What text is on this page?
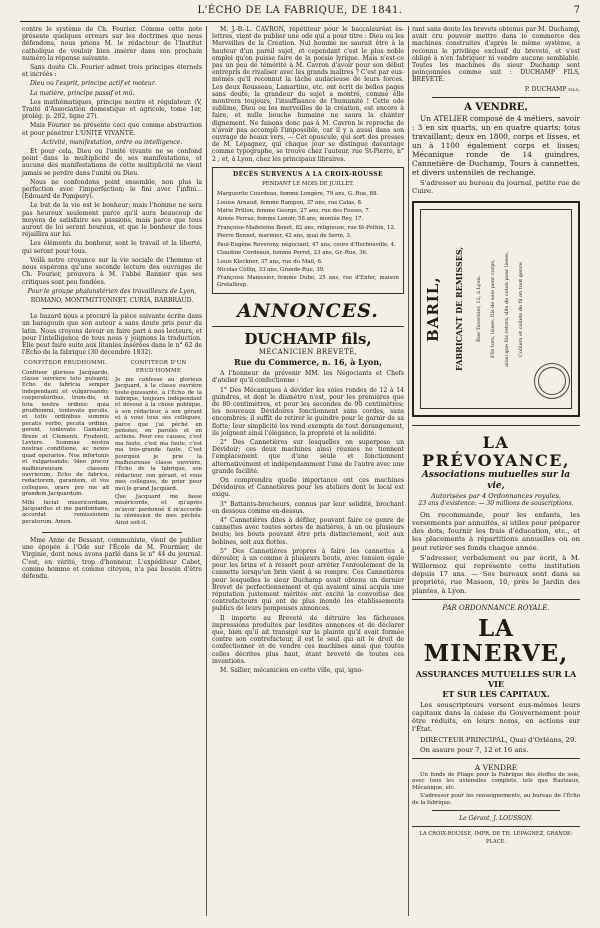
L'ÉCHO DE LA FABRIQUE, DE 1841.	7

contre le système de Ch. Fourier. Comme cette note présente quelques erreurs sur les doctrines que nous défendons, nous prions M. le rédacteur de l'Institut catholique de vouloir bien insérer dans son prochain numéro la réponse suivante.

Sans doute Ch. Fourier admet trois principes éternels et incréés :

Dieu ou l'esprit, principe actif et moteur.

La matière, principe passif et mû.

Les mathématiques, principe neutre et régulateur. (V, Traité d'Association domestique et agricole, tome 1er, prolég. p. 202, ligne 27).

Mais Fourier ne présente ceci que comme abstraction et pour pénétrer L'UNITÉ VIVANTE.

Activité, manifestation, ordre ou intelligence.

Et pour cela, Dieu ou l'unité vivante ne se confond point dans la multiplicité de ses manifestations, et aucune des manifestations de cette multiplicité ne vient jamais se perdre dans l'unité ou Dieu.

Nous ne confondons point ensemble, non plus la perfection avec l'imperfection; le fini avec l'infini... (Edouard de Pompery).

Le but de la vie est le bonheur; mais l'homme ne sera pas heureux seulement parce qu'il aura beaucoup de moyens de satisfaire ses passions, mais parce que tous auront de loi seront heureux, et que le bonheur de tous réjaillira sur lui.

Les éléments du bonheur, sont le travail et la liberté, qui seront pour tous.

Voilà notre croyance sur la vie sociale de l'homme et nous espérons qu'une seconde lecture des ouvrages de Ch. Fourier, prouvera à M. l'abbé Bannier que ses critiques sont peu fondées.

Pour le groupe phalanstérien des travailleurs de Lyon,

ROMANO, MONTMITTONNET, CURIA, BARBRAUD.

Le bazard nous a procuré la pièce suivante écrite dans un baragouin que son auteur a sans doute pris pour du latin. Nous croyons devoir en faire part à nos lecteurs, et pour l'intelligence de tous nous y joignons la traduction. Elle peut faire suite aux litanies insérées dans le n° 62 de l'Écho de la fabrique (30 décembre 1832).

CONFITEOR PRUDHOMMI.

Confiteor gloriose Jacquardo, classe ouvriere toto pulsanti; Echo de fabricia semper independanti et vulgarisando; cooperatoribus, trum-dis, et tota nostra ordinis: quia prudhommi, tonlevato gerulis, et totis ordinibus summis pecatis verbo, pecata ordinis, gerent, tonlevato Gamatur, Breze et Clementi, Frudenti, Leviere. Summae nostra nostrae conditione, ac nexos quad operarios. Nos infortunis et vulgarisando. Ideo precor malheureusum classem ouvrierum, Echo de fabrica, redactorem, garantem, et vos collegues, orare pro me ad grandem Jacquardum.

Mihi faciat misericordiam, Jacquardus et me pardonnans, accordat remissionem pecatorum. Amen.

CONFITEOR D'UN PRUD'HOMME

Je me confesse au glorieux Jacquard, à la classe ouvrière toute-puissante, à l'Écho de la fabrique, toujours indépendant et dévoué à la chose publique, à son rédacteur, à son gérant et à vous tous ses collègues, parce que j'ai péché en pensées, en paroles et en actions. Pour ces causes, c'est ma faute, c'est ma faute, c'est ma très-grande faute. C'est pourquoi je prie la malheureuse classe ouvrière, l'Écho de la fabrique, son rédacteur, son gérant, et vous mes collègues, de prier pour moi le grand Jacquard.

Que Jacquard me fasse miséricorde, et qu'après m'avoir pardonné il m'accorde la rémission de mes péchés. Ainsi soit-il.

Mme Anne de Bessant, communiste, vient de publier une épopée à l'Ode sur l'École de M. Fourmier, de Virginie, dont nous avons parlé dans le n° 44 du journal. C'est, en vérité, trop d'honneur. L'expéditeur Cabet, comme homme et comme citoyen, n'a pas besoin d'être défendu.

M. J.-B.-L. CAVRON, répétiteur pour le baccalauréat ès-lettres, vient de publier une ode qui a pour titre : Dieu ou les Merveilles de la Création. Nul homme ne saurait être à la hauteur d'un pareil sujet, et cependant c'est le plus noble emploi qu'on puisse faire de la poésie lyrique. Mais n'est-ce pas un peu de témérité à M. Cavron d'avoir pour son début entrepris de rivaliser avec les grands maîtres ? C'est par eux-mêmes qu'il reconnut la tâche audacieuse de leurs forces. Les deux Rousseau, Lamartine, etc. ont écrit de belles pages sans doute; la grandeur du sujet a montré, comme elle montrera toujours, l'insuffisance de l'humanité ! Cette ode sublime, Dieu ou les merveilles de la création, est encore à faire, et nulle bouche humaine ne saura la chanter dignement. Ne faisons donc pas à M. Cavron le reproche de n'avoir pas accompli l'impossible, car il y a aussi dans son ouvrage de beaux vers. — Cet opuscule, qui sort des presses de M. Lépagnez, qui chaque jour se distingue davantage comme typographe, se trouve chez l'auteur, rue St-Pierre, n° 2 ; et, à Lyon, chez les principaux libraires.

DÉCÈS SURVENUS A LA CROIX-ROUSSE
PENDANT LE MOIS DE JUILLET.

Marguerite Courdeau, femme Longère, 79 ans, G.-Rue, 88.

Louise Arnaud, femme Rampon, 37 ans, rue Calas, 8.

Marie Prillon, femme George, 27 ans, rue des Fosses, 7.

Aimée Ferraz, femme Lenoir, 58 ans, montée Rey, 17.

Françoise-Madeleine Bonet, 82 ans, religieuse, rue St-Pothin, 12.

Pierre Bennet, marinier, 42 ans, quai de Serin, 3.

Paul-Eugène Reverony, négociant, 47 ans, cours d'Herbouville, 4.

Claudine Cordeaux, femme Perret, 23 ans, Gr.-Rue, 36.

Louis Kleckner, 37 ans, rue du Mail, 6.

Nicolas Collin, 33 ans, Grande-Rue, 39.

Françoise Manissier, femme Dubo, 25 ans, rue d'Enfer, maison Grotalloup.

ANNONCES.
DUCHAMP fils,
MÉCANICIEN BREVETÉ,
Rue du Commerce, n. 16, à Lyon,

A l'honneur de prévenir MM. les Négociants et Chefs d'atelier qu'il confectionne :

1° Des Mécaniques à dévider les soies rondes de 12 à 14 guindres, et dont le diamètre n'est, pour les premières que de 80 centimètres, et pour les secondes de 90 centimètres; les nouveaux Dévidoires fonctionnent sans cordes, sans encombres; il suffit de retirer le guindre pour le garnir de sa flotte; leur simplicité les rend exempts de tout dérangement, ils joignent ainsi l'élégance, la propreté et la solidité.

2° Des Cannetières sur lesquelles on superpose un Dévidoir; ces deux machines ainsi réunies ne tiennent l'emplacement que d'une seule et fonctionnent alternativement et indépendamment l'une de l'autre avec une grande facilité.

On comprendra quelle importance ont ces machines Dévidoires et Cannetières pour les ateliers dont le local est exigu.

3° Battants-brocheurs, connus par leur solidité, brochant en dessous comme en-dessus.

4° Cannetières dites à défiler, pouvant faire ce genre de cannettes avec toutes sortes de matières, à un ou plusieurs bouts; les bouts pouvant être pris distinctement, soit aux bobines, soit aux flottes.

5° Des Cannetières propres à faire les cannettes à dérouler, à un comme à plusieurs bouts, avec tension égale pour les brins et à ressort pour arrêter l'enroulement de la cannette lorsqu'un brin vient à se rompre. Ces Cannetières pour lesquelles le sieur Duchamp avait obtenu un dernier Brevet de perfectionnement et qui avaient ainsi acquis une réputation justement méritée ont excité la convoitise des contrefacteurs qui ont de plus inondé les établissements publics de leurs pompeuses annonces.

Il importe au Breveté de détruire les fâcheuses impressions produites par lesdites annonces et de déclarer que, bien qu'il ait transigé sur la plainte qu'il avait formée contre son contrefacteur, il est le seul qui ait le droit de confectionner et de vendre ces machines ainsi que toutes celles décrites plus haut, étant breveté de toutes ces inventions.

M. Sallier, mécanicien en cette ville, qui, igno-

rant sans doute les brevets obtenus par M. Duchamp, avait cru pouvoir mettre dans le commerce des machines construites d'après le même système, a reconnu le privilège exclusif du breveté, et s'est obligé à n'en fabriquer ni vendre aucune semblable. Toutes les machines du sieur Duchamp sont poinçonnées comme suit : DUCHAMP FILS, BREVETÉ.

P. DUCHAMP fils.

A VENDRE.

Un ATELIER composé de 4 métiers, savoir : 3 en six quarts, un en quatre quarts; tous travaillant; deux en 1800, corps et lisses, et un à 1100 également corps et lisses; Mécanique ronde de 14 guindres, Cannetière de Duchamp, Tours à cannettes, et divers ustensiles de rechange.

S'adresser au bureau du journal, petite rue de Cuire.

BARIL,	FABRICANT DE REMISSES,	Rue Tavernier, 12, à Lyon.	Fils tors, lisses, fils de soie pour corps,	ainsi que fils retors, dits de coton pour lisses,	Colliers et collets de fil en tout genre.
LA PRÉVOYANCE,
Associations mutuelles sur la vie,
Autorisées par 4 Ordonnances royales.
23 ans d'existence. — 30 millions de souscriptions.

On recommande, pour les enfants, les versements par annuités, si utiles pour préparer des dots, fournir les frais d'éducation, etc., et les placements à répartitions annuelles où on peut retirer ses fonds chaque année.

S'adresser, verbalement ou par écrit, à M. Willermoz qui représente cette institution depuis 17 ans. — Ses bureaux sont dans sa propriété, rue Masson, 10, près le Jardin des plantes, à Lyon.

PAR ORDONNANCE ROYALE.
LA MINERVE,
ASSURANCES MUTUELLES SUR LA VIE
ET SUR LES CAPITAUX.

Les souscripteurs versent eux-mêmes leurs capitaux dans la caisse du Gouvernement pour être réduits, en leurs noms, en actions sur l'État.

DIRECTEUR PRINCIPAL, Quai d'Orléans, 29.

On assure pour 7, 12 et 16 ans.

A VENDRE

Un fonds de Pliage pour la Fabrique des étoffes de soie, avec tous les ustensiles complets, tels que Rasteaux, Mécanique, etc.

S'adresser pour les renseignements, au bureau de l'Écho de la fabrique.

Le Gérant, J. LOUSSON.
LA CROIX-ROUSSE, IMPR. DE TH. LÉPAGNEZ, GRANDE-PLACE.
